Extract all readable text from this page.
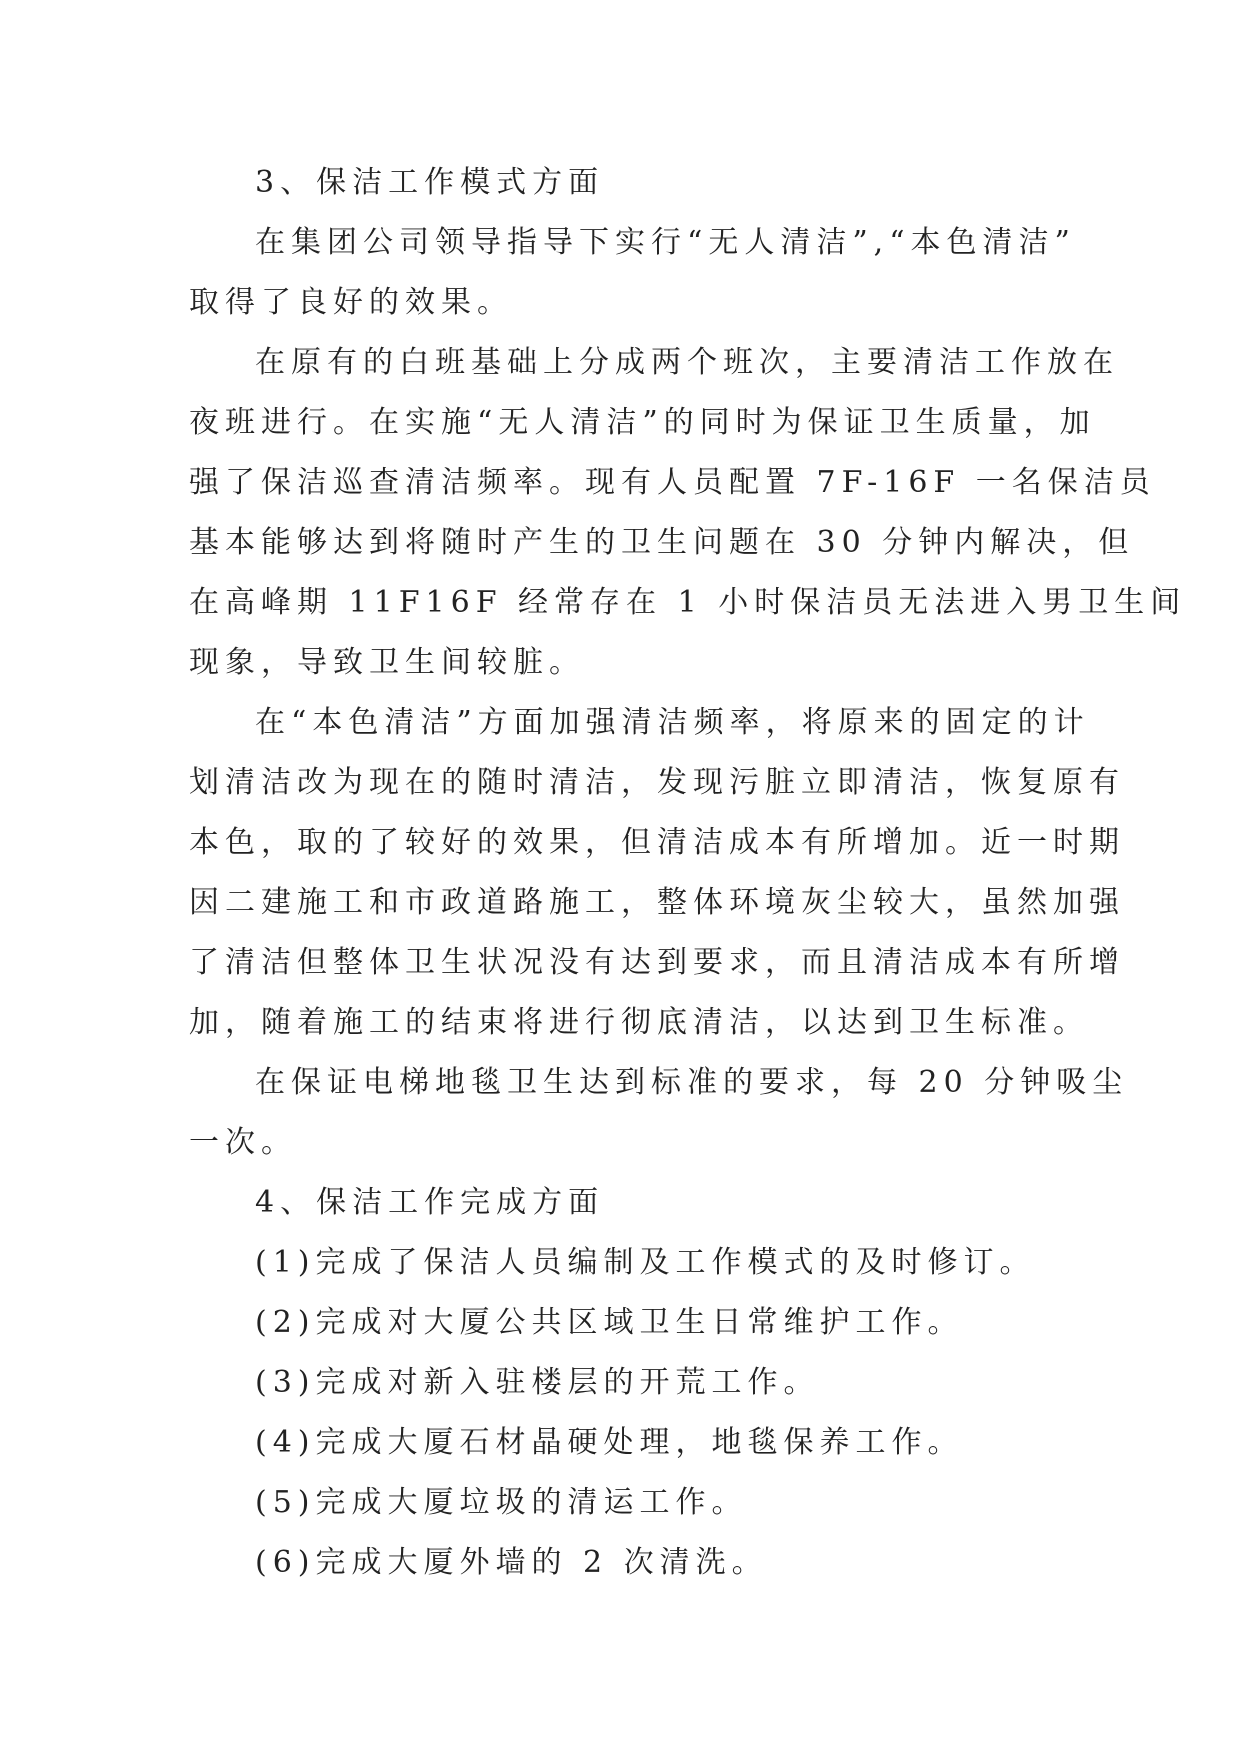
3、保洁工作模式方面
在集团公司领导指导下实行“无人清洁”,“本色清洁”
取得了良好的效果。
在原有的白班基础上分成两个班次，主要清洁工作放在
夜班进行。在实施“无人清洁”的同时为保证卫生质量，加
强了保洁巡查清洁频率。现有人员配置 7F-16F 一名保洁员
基本能够达到将随时产生的卫生问题在 30 分钟内解决，但
在高峰期 11F16F 经常存在 1 小时保洁员无法进入男卫生间
现象，导致卫生间较脏。
在“本色清洁”方面加强清洁频率，将原来的固定的计
划清洁改为现在的随时清洁，发现污脏立即清洁，恢复原有
本色，取的了较好的效果，但清洁成本有所增加。近一时期
因二建施工和市政道路施工，整体环境灰尘较大，虽然加强
了清洁但整体卫生状况没有达到要求，而且清洁成本有所增
加，随着施工的结束将进行彻底清洁，以达到卫生标准。
在保证电梯地毯卫生达到标准的要求，每 20 分钟吸尘
一次。
4、保洁工作完成方面
(1)完成了保洁人员编制及工作模式的及时修订。
(2)完成对大厦公共区域卫生日常维护工作。
(3)完成对新入驻楼层的开荒工作。
(4)完成大厦石材晶硬处理，地毯保养工作。
(5)完成大厦垃圾的清运工作。
(6)完成大厦外墙的 2 次清洗。
